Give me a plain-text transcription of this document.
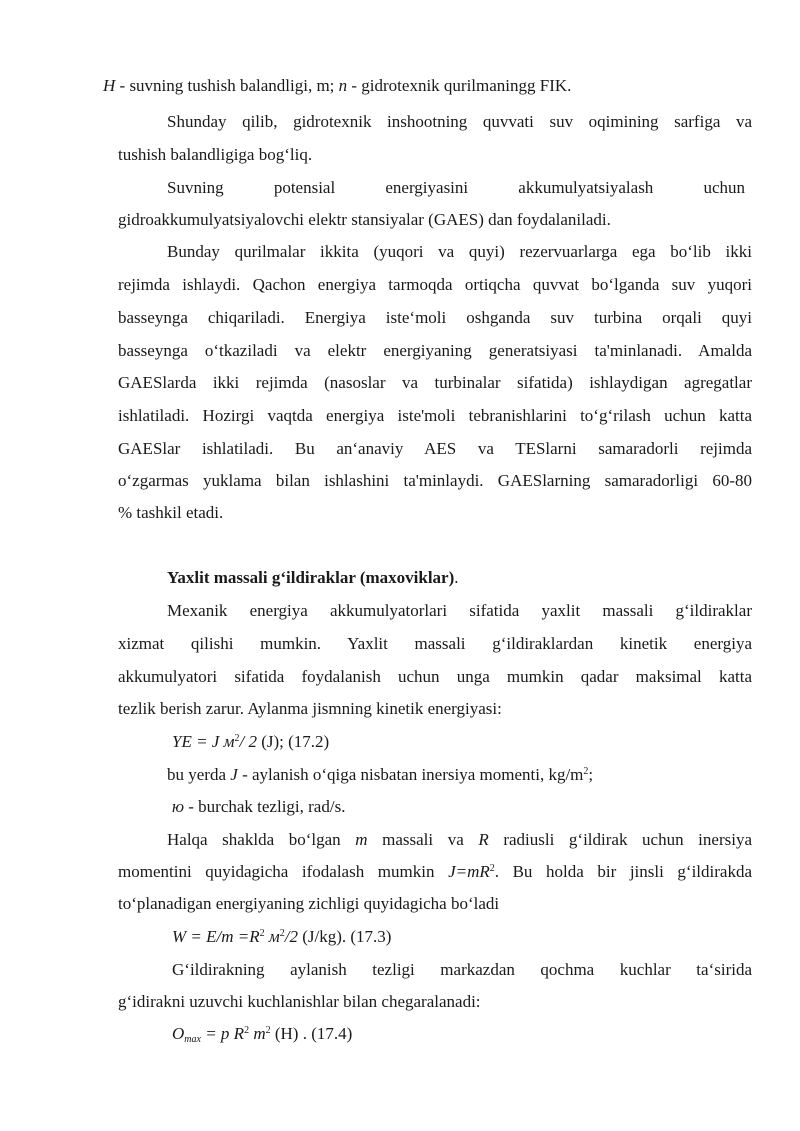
H - suvning tushish balandligi, m; n - gidrotexnik qurilmaningg FIK.
Shunday qilib, gidrotexnik inshootning quvvati suv oqimining sarfiga va
tushish balandligiga bog‘liq.
Suvning potensial energiyasini akkumulyatsiyalash uchun
gidroakkumulyatsiyalovchi elektr stansiyalar (GAES) dan foydalaniladi.
Bunday qurilmalar ikkita (yuqori va quyi) rezervuarlarga ega bo‘lib ikki
rejimda ishlaydi. Qachon energiya tarmoqda ortiqcha quvvat bo‘lganda suv yuqori
basseynga chiqariladi. Energiya iste‘moli oshganda suv turbina orqali quyi
basseynga o‘tkaziladi va elektr energiyaning generatsiyasi ta'minlanadi. Amalda
GAESlarda ikki rejimda (nasoslar va turbinalar sifatida) ishlaydigan agregatlar
ishlatiladi. Hozirgi vaqtda energiya iste'moli tebranishlarini to‘g‘rilash uchun katta
GAESlar ishlatiladi. Bu an‘anaviy AES va TESlarni samaradorli rejimda
o‘zgarmas yuklama bilan ishlashini ta'minlaydi. GAESlarning samaradorligi 60-80
% tashkil etadi.
Yaxlit massali g‘ildiraklar (maxoviklar).
Mexanik energiya akkumulyatorlari sifatida yaxlit massali g‘ildiraklar
xizmat qilishi mumkin. Yaxlit massali g‘ildiraklardan kinetik energiya
akkumulyatori sifatida foydalanish uchun unga mumkin qadar maksimal katta
tezlik berish zarur. Aylanma jismning kinetik energiyasi:
YE = J $м^2/$ 2 (J); (17.2)
bu yerda J - aylanish o‘qiga nisbatan inersiya momenti, $kg/m^2$;
ю - burchak tezligi, rad/s.
Halqa shaklda bo‘lgan m massali va R radiusli g‘ildirak uchun inersiya
momentini quyidagicha ifodalash mumkin $J=mR^2$. Bu holda bir jinsli g‘ildirakda
to‘planadigan energiyaning zichligi quyidagicha bo‘ladi
$W = E/m =R^2$ $м^2/2$ (J/kg). (17.3)
G‘ildirakning aylanish tezligi markazdan qochma kuchlar ta‘sirida
g‘idirakni uzuvchi kuchlanishlar bilan chegaralanadi:
$O_{max} = p$ $R^2$ $m^2$ (H) . (17.4)
